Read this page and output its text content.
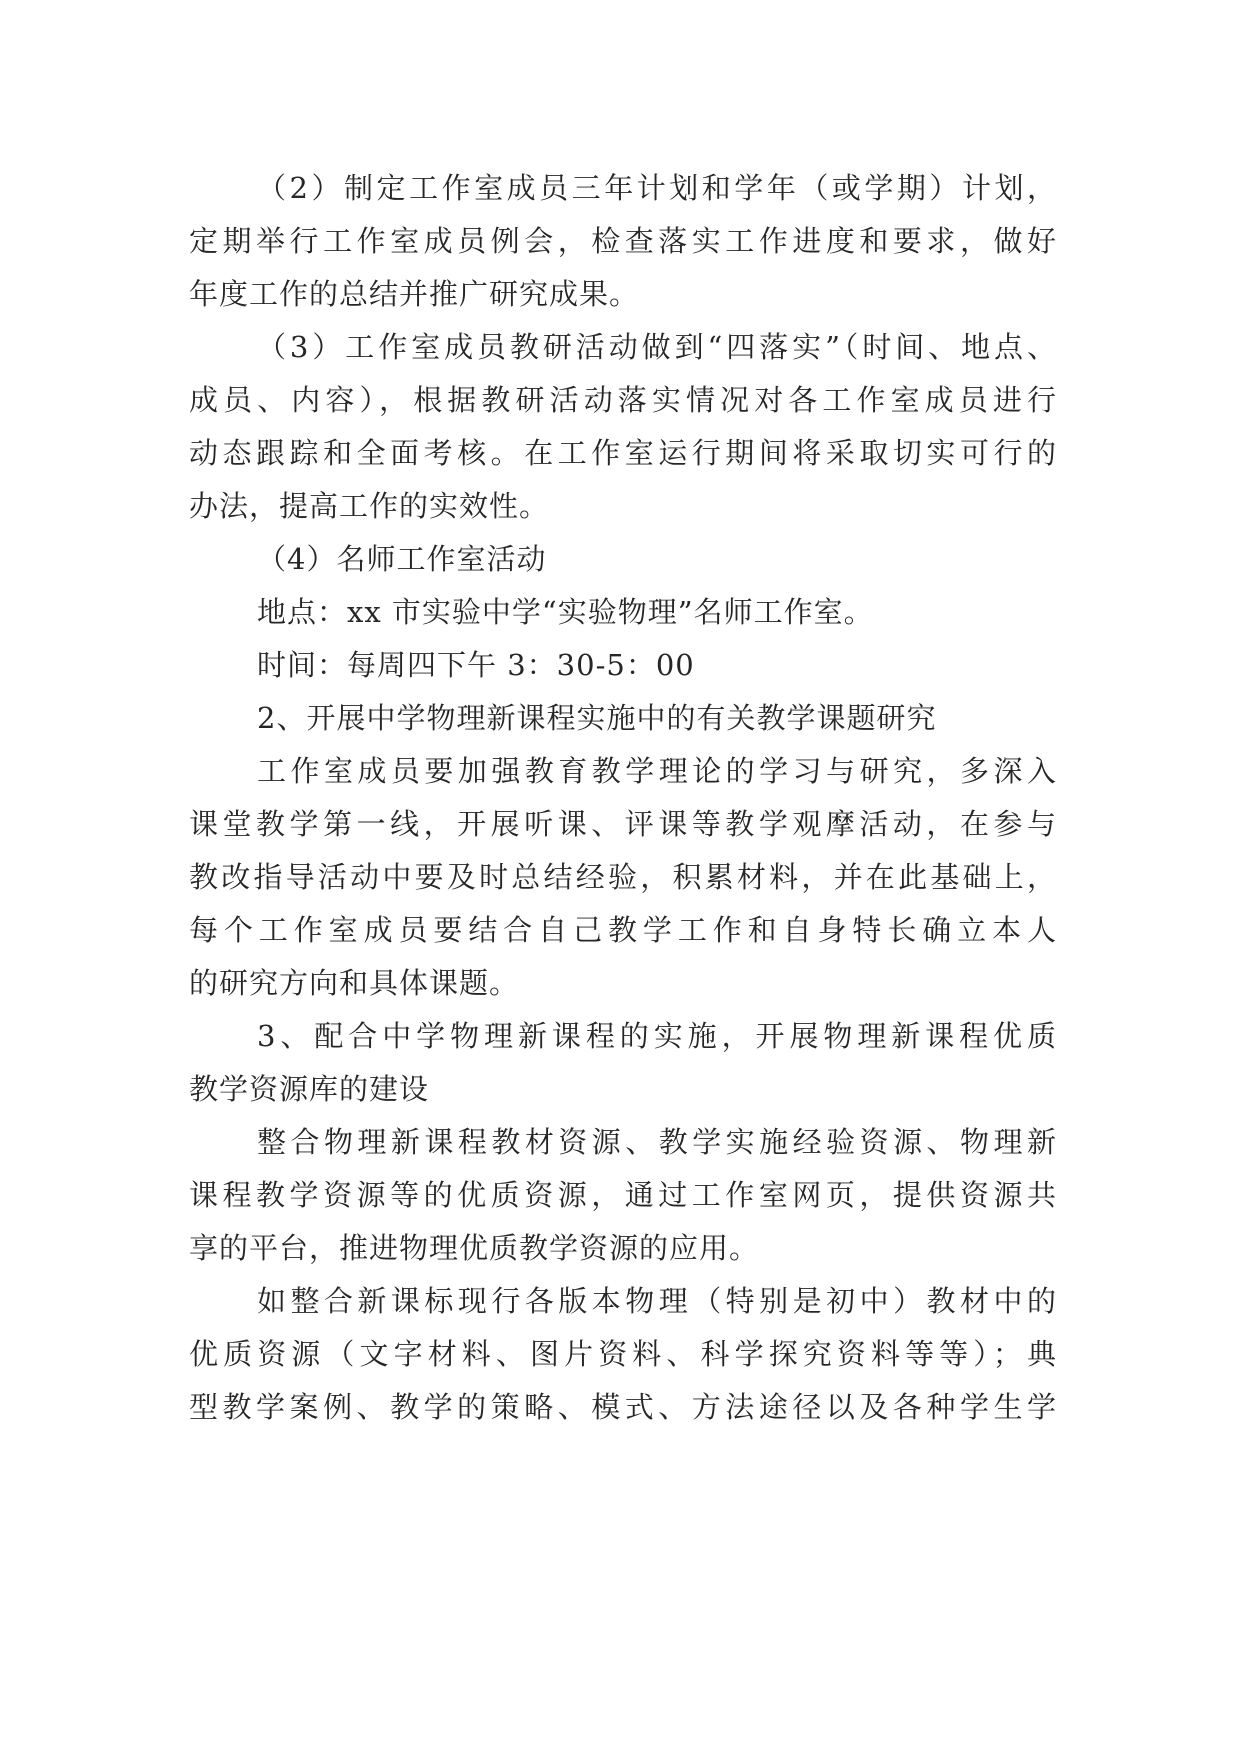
（2）制定工作室成员三年计划和学年（或学期）计划，
定期举行工作室成员例会，检查落实工作进度和要求，做好
年度工作的总结并推广研究成果。
（3）工作室成员教研活动做到“四落实”（时间、地点、
成员、内容），根据教研活动落实情况对各工作室成员进行
动态跟踪和全面考核。在工作室运行期间将采取切实可行的
办法，提高工作的实效性。
（4）名师工作室活动
地点：xx 市实验中学“实验物理”名师工作室。
时间：每周四下午 3：30-5：00
2、开展中学物理新课程实施中的有关教学课题研究
工作室成员要加强教育教学理论的学习与研究，多深入
课堂教学第一线，开展听课、评课等教学观摩活动，在参与
教改指导活动中要及时总结经验，积累材料，并在此基础上，
每个工作室成员要结合自己教学工作和自身特长确立本人
的研究方向和具体课题。
3、配合中学物理新课程的实施，开展物理新课程优质
教学资源库的建设
整合物理新课程教材资源、教学实施经验资源、物理新
课程教学资源等的优质资源，通过工作室网页，提供资源共
享的平台，推进物理优质教学资源的应用。
如整合新课标现行各版本物理（特别是初中）教材中的
优质资源（文字材料、图片资料、科学探究资料等等）；典
型教学案例、教学的策略、模式、方法途径以及各种学生学
